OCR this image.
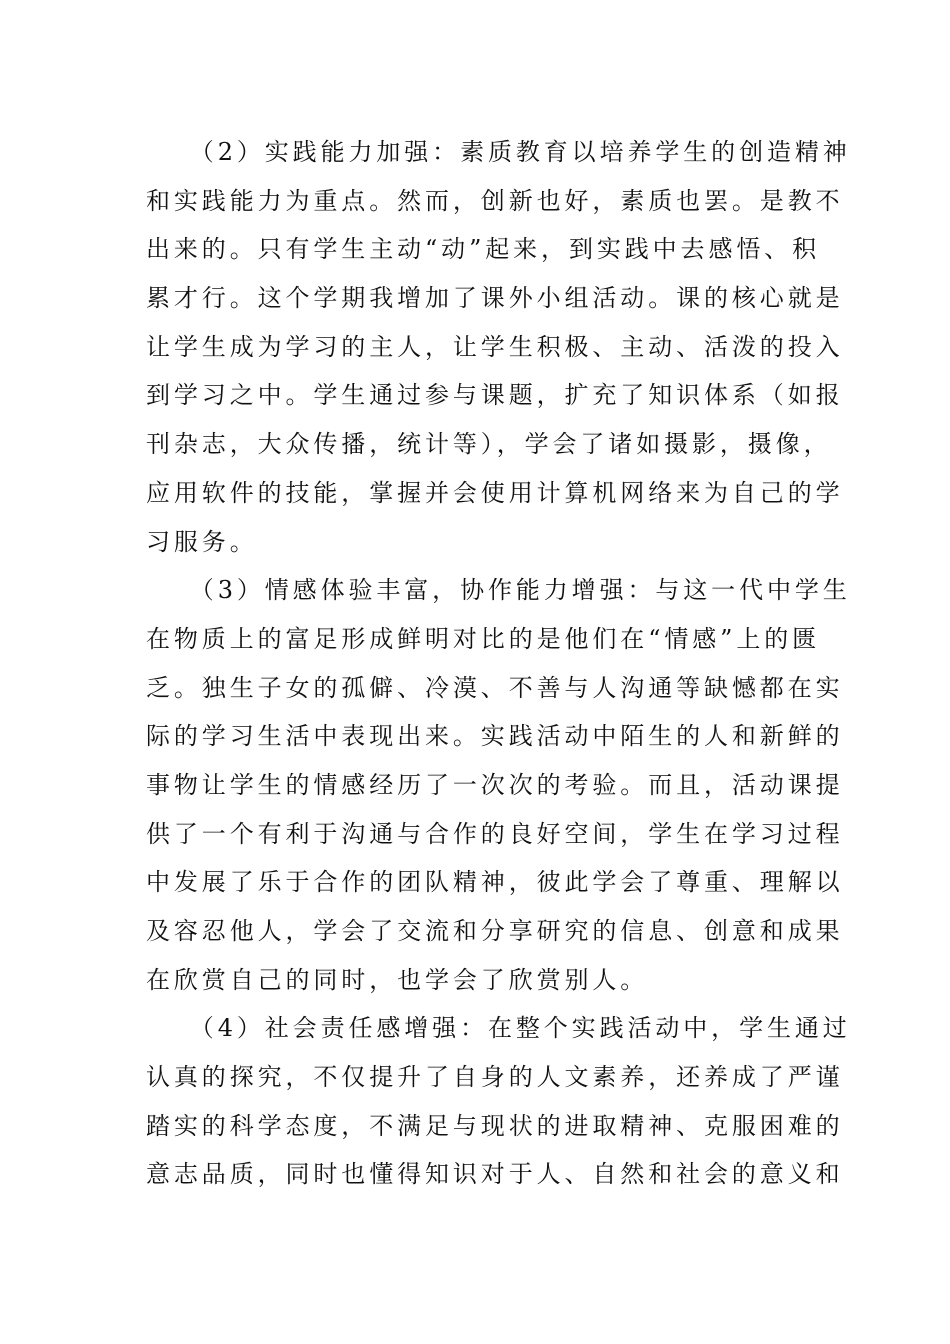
　　（2）实践能力加强：素质教育以培养学生的创造精神
和实践能力为重点。然而，创新也好，素质也罢。是教不
出来的。只有学生主动“动”起来，到实践中去感悟、积
累才行。这个学期我增加了课外小组活动。课的核心就是
让学生成为学习的主人，让学生积极、主动、活泼的投入
到学习之中。学生通过参与课题，扩充了知识体系（如报
刊杂志，大众传播，统计等），学会了诸如摄影，摄像，
应用软件的技能，掌握并会使用计算机网络来为自己的学
习服务。
　　（3）情感体验丰富，协作能力增强：与这一代中学生
在物质上的富足形成鲜明对比的是他们在“情感”上的匮
乏。独生子女的孤僻、冷漠、不善与人沟通等缺憾都在实
际的学习生活中表现出来。实践活动中陌生的人和新鲜的
事物让学生的情感经历了一次次的考验。而且，活动课提
供了一个有利于沟通与合作的良好空间，学生在学习过程
中发展了乐于合作的团队精神，彼此学会了尊重、理解以
及容忍他人，学会了交流和分享研究的信息、创意和成果
在欣赏自己的同时，也学会了欣赏别人。
　　（4）社会责任感增强：在整个实践活动中，学生通过
认真的探究，不仅提升了自身的人文素养，还养成了严谨
踏实的科学态度，不满足与现状的进取精神、克服困难的
意志品质，同时也懂得知识对于人、自然和社会的意义和
